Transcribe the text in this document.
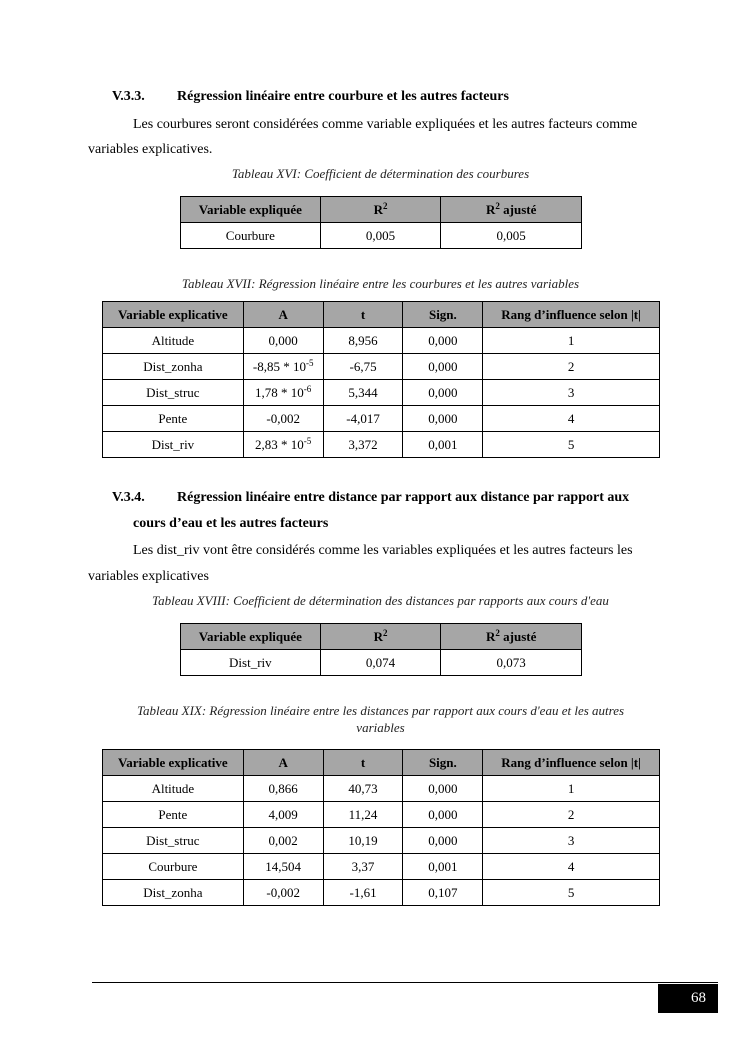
V.3.3. Régression linéaire entre courbure et les autres facteurs
Les courbures seront considérées comme variable expliquées et les autres facteurs comme
variables explicatives.
Tableau XVI: Coefficient de détermination des courbures
Variable expliquée	$R^2$	$R^2$ ajusté
Courbure	0,005	0,005
Tableau XVII: Régression linéaire entre les courbures et les autres variables
Variable explicative	A	t	Sign.	Rang d’influence selon |t|
Altitude	0,000	8,956	0,000	1
Dist_zonha	$-8,85 * 10^{-5}$	-6,75	0,000	2
Dist_struc	$1,78 * 10^{-6}$	5,344	0,000	3
Pente	-0,002	-4,017	0,000	4
Dist_riv	$2,83 * 10^{-5}$	3,372	0,001	5
V.3.4. Régression linéaire entre distance par rapport aux distance par rapport aux
cours d’eau et les autres facteurs
Les dist_riv vont être considérés comme les variables expliquées et les autres facteurs les
variables explicatives
Tableau XVIII: Coefficient de détermination des distances par rapports aux cours d'eau
Variable expliquée	$R^2$	$R^2$ ajusté
Dist_riv	0,074	0,073
Tableau XIX: Régression linéaire entre les distances par rapport aux cours d'eau et les autres
variables
Variable explicative	A	t	Sign.	Rang d’influence selon |t|
Altitude	0,866	40,73	0,000	1
Pente	4,009	11,24	0,000	2
Dist_struc	0,002	10,19	0,000	3
Courbure	14,504	3,37	0,001	4
Dist_zonha	-0,002	-1,61	0,107	5
68
